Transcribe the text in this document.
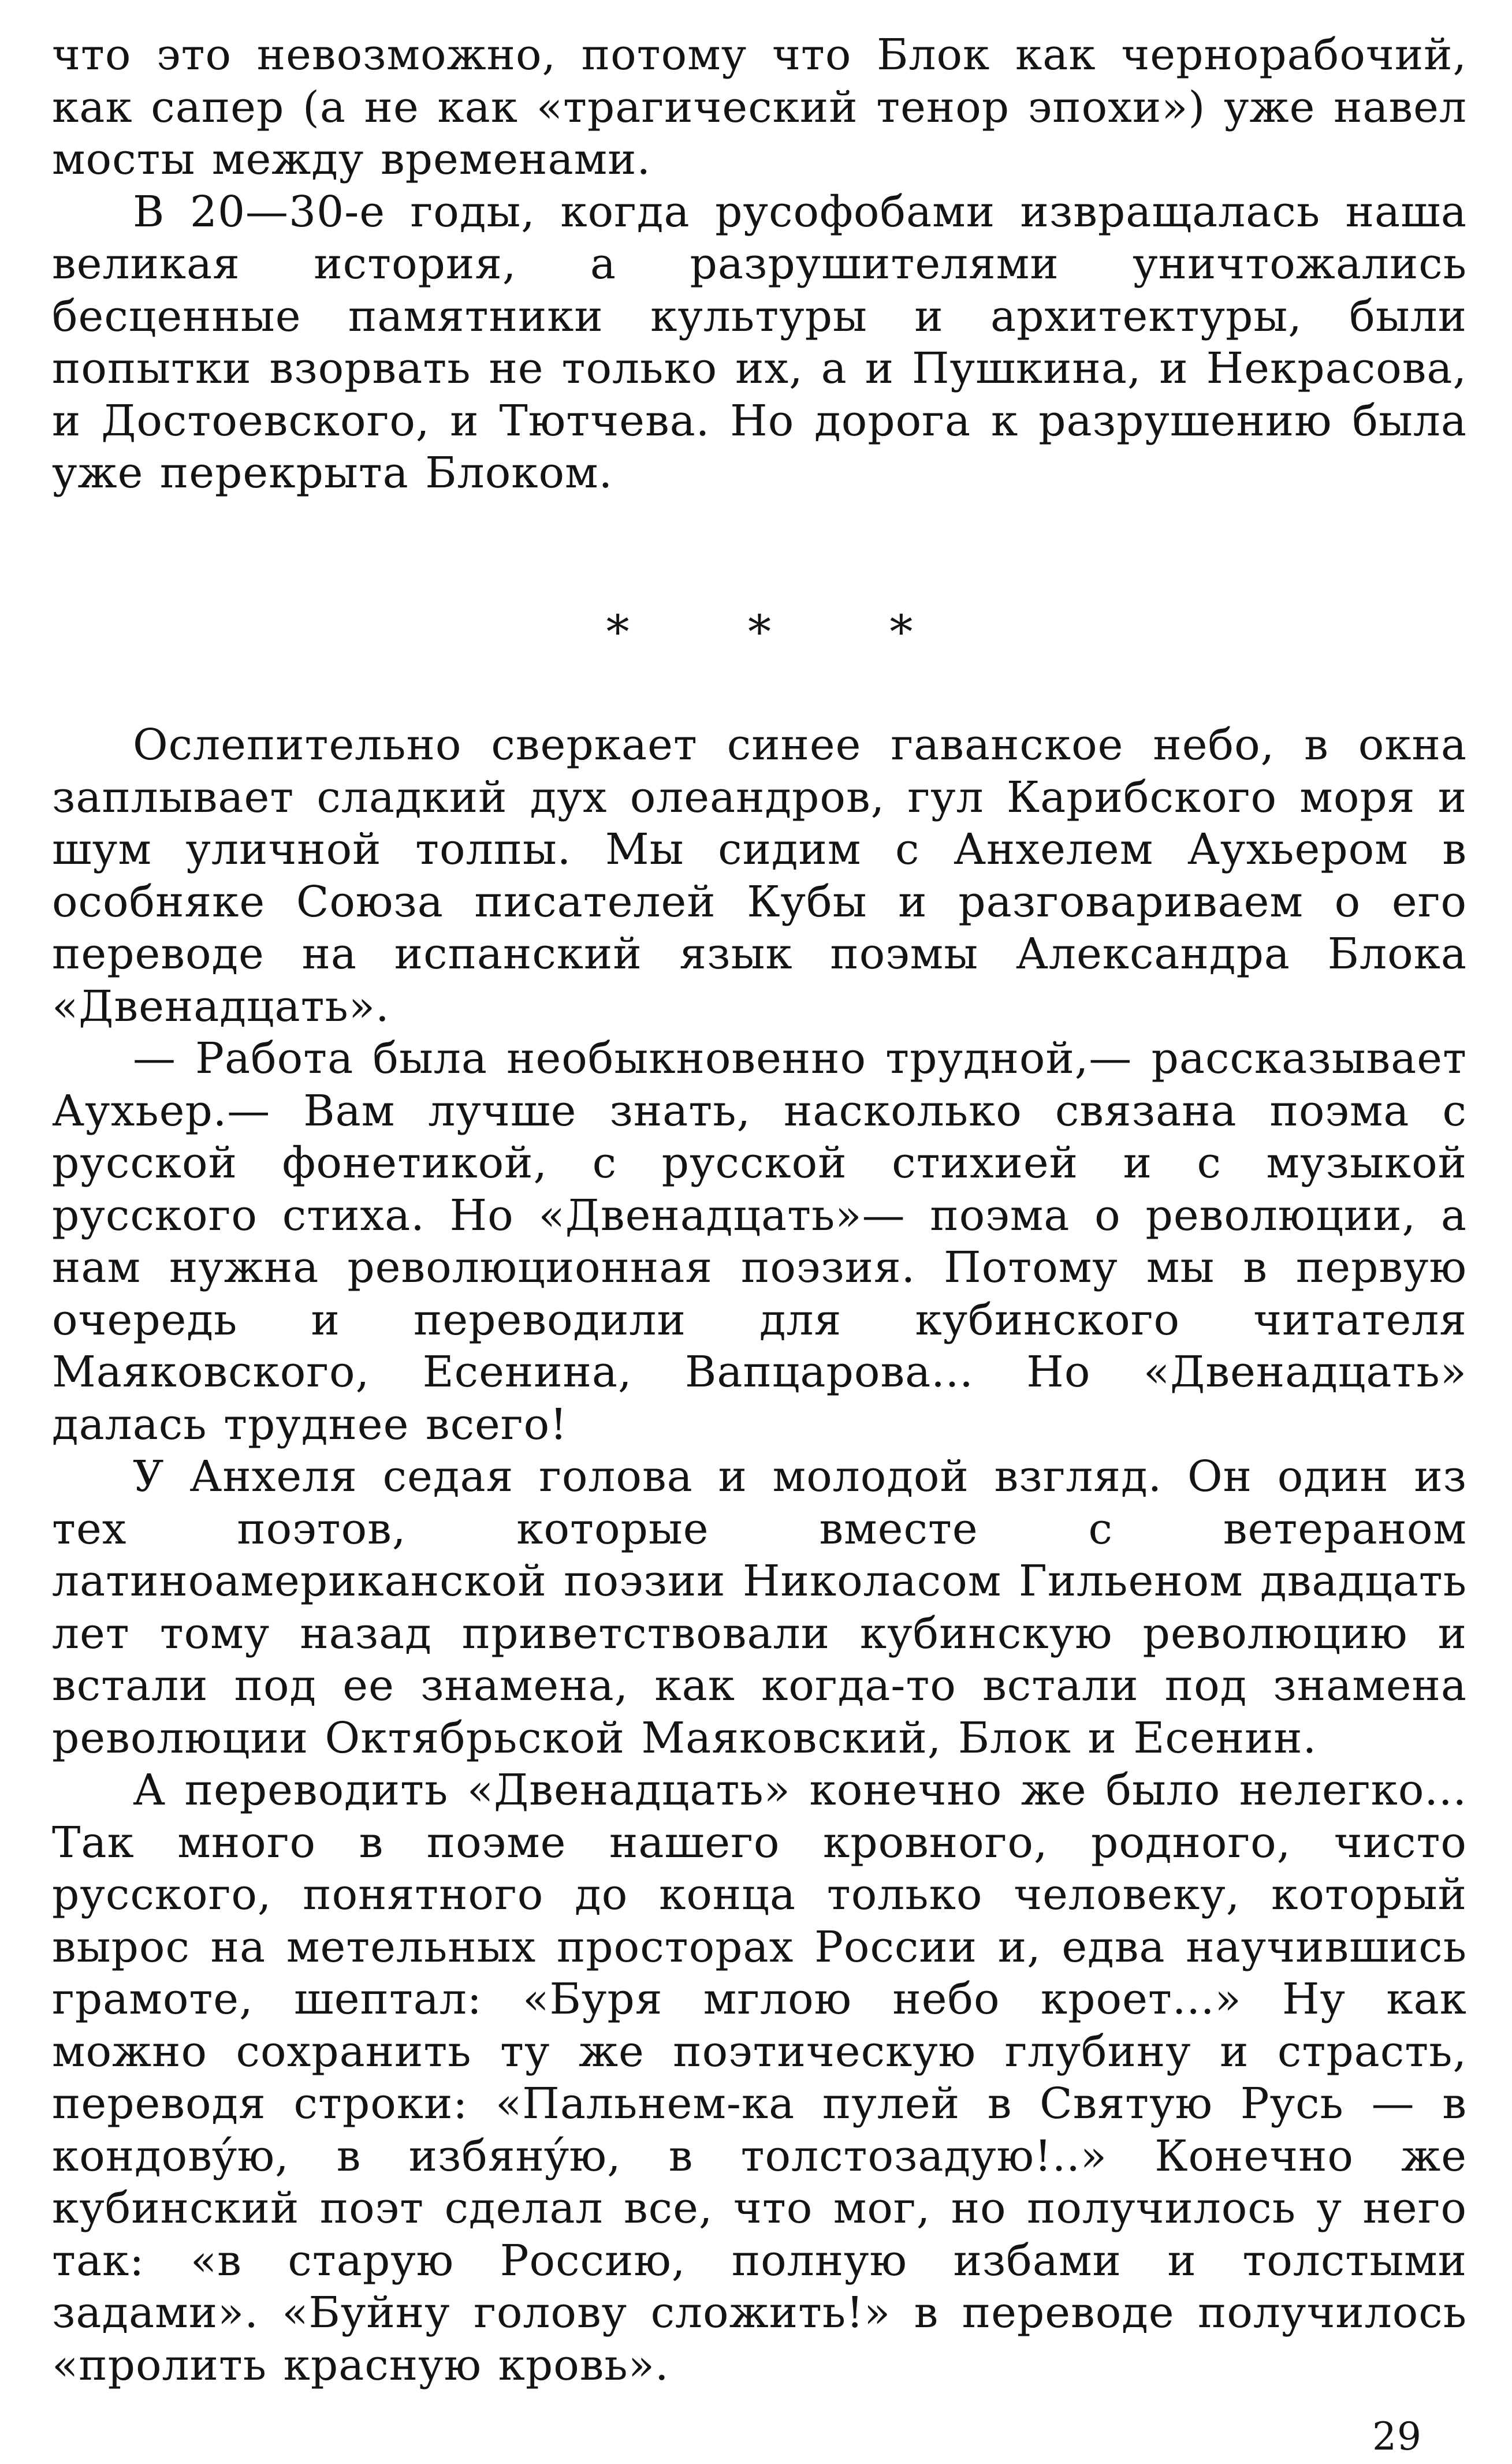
что это невозможно, потому что Блок как чернорабочий, как сапер (а не как «трагический тенор эпохи») уже навел мосты между временами.

В 20—30-е годы, когда русофобами извращалась наша великая история, а разрушителями уничтожались бесценные памятники культуры и архитектуры, были попытки взорвать не только их, а и Пушкина, и Некрасова, и Достоевского, и Тютчева. Но дорога к разрушению была уже перекрыта Блоком.

* * *

Ослепительно сверкает синее гаванское небо, в окна заплывает сладкий дух олеандров, гул Карибского моря и шум уличной толпы. Мы сидим с Анхелем Аухьером в особняке Союза писателей Кубы и разговариваем о его переводе на испанский язык поэмы Александра Блока «Двенадцать».

— Работа была необыкновенно трудной,— рассказывает Аухьер.— Вам лучше знать, насколько связана поэма с русской фонетикой, с русской стихией и с музыкой русского стиха. Но «Двенадцать»— поэма о революции, а нам нужна революционная поэзия. Потому мы в первую очередь и переводили для кубинского читателя Маяковского, Есенина, Вапцарова... Но «Двенадцать» далась труднее всего!

У Анхеля седая голова и молодой взгляд. Он один из тех поэтов, которые вместе с ветераном латиноамериканской поэзии Николасом Гильеном двадцать лет тому назад приветствовали кубинскую революцию и встали под ее знамена, как когда-то встали под знамена революции Октябрьской Маяковский, Блок и Есенин.

А переводить «Двенадцать» конечно же было нелегко... Так много в поэме нашего кровного, родного, чисто русского, понятного до конца только человеку, который вырос на метельных просторах России и, едва научившись грамоте, шептал: «Буря мглою небо кроет...» Ну как можно сохранить ту же поэтическую глубину и страсть, переводя строки: «Пальнем-ка пулей в Святую Русь — в кондовýю, в избянýю, в толстозадую!..» Конечно же кубинский поэт сделал все, что мог, но получилось у него так: «в старую Россию, полную избами и толстыми задами». «Буйну голову сложить!» в переводе получилось «пролить красную кровь».

29
